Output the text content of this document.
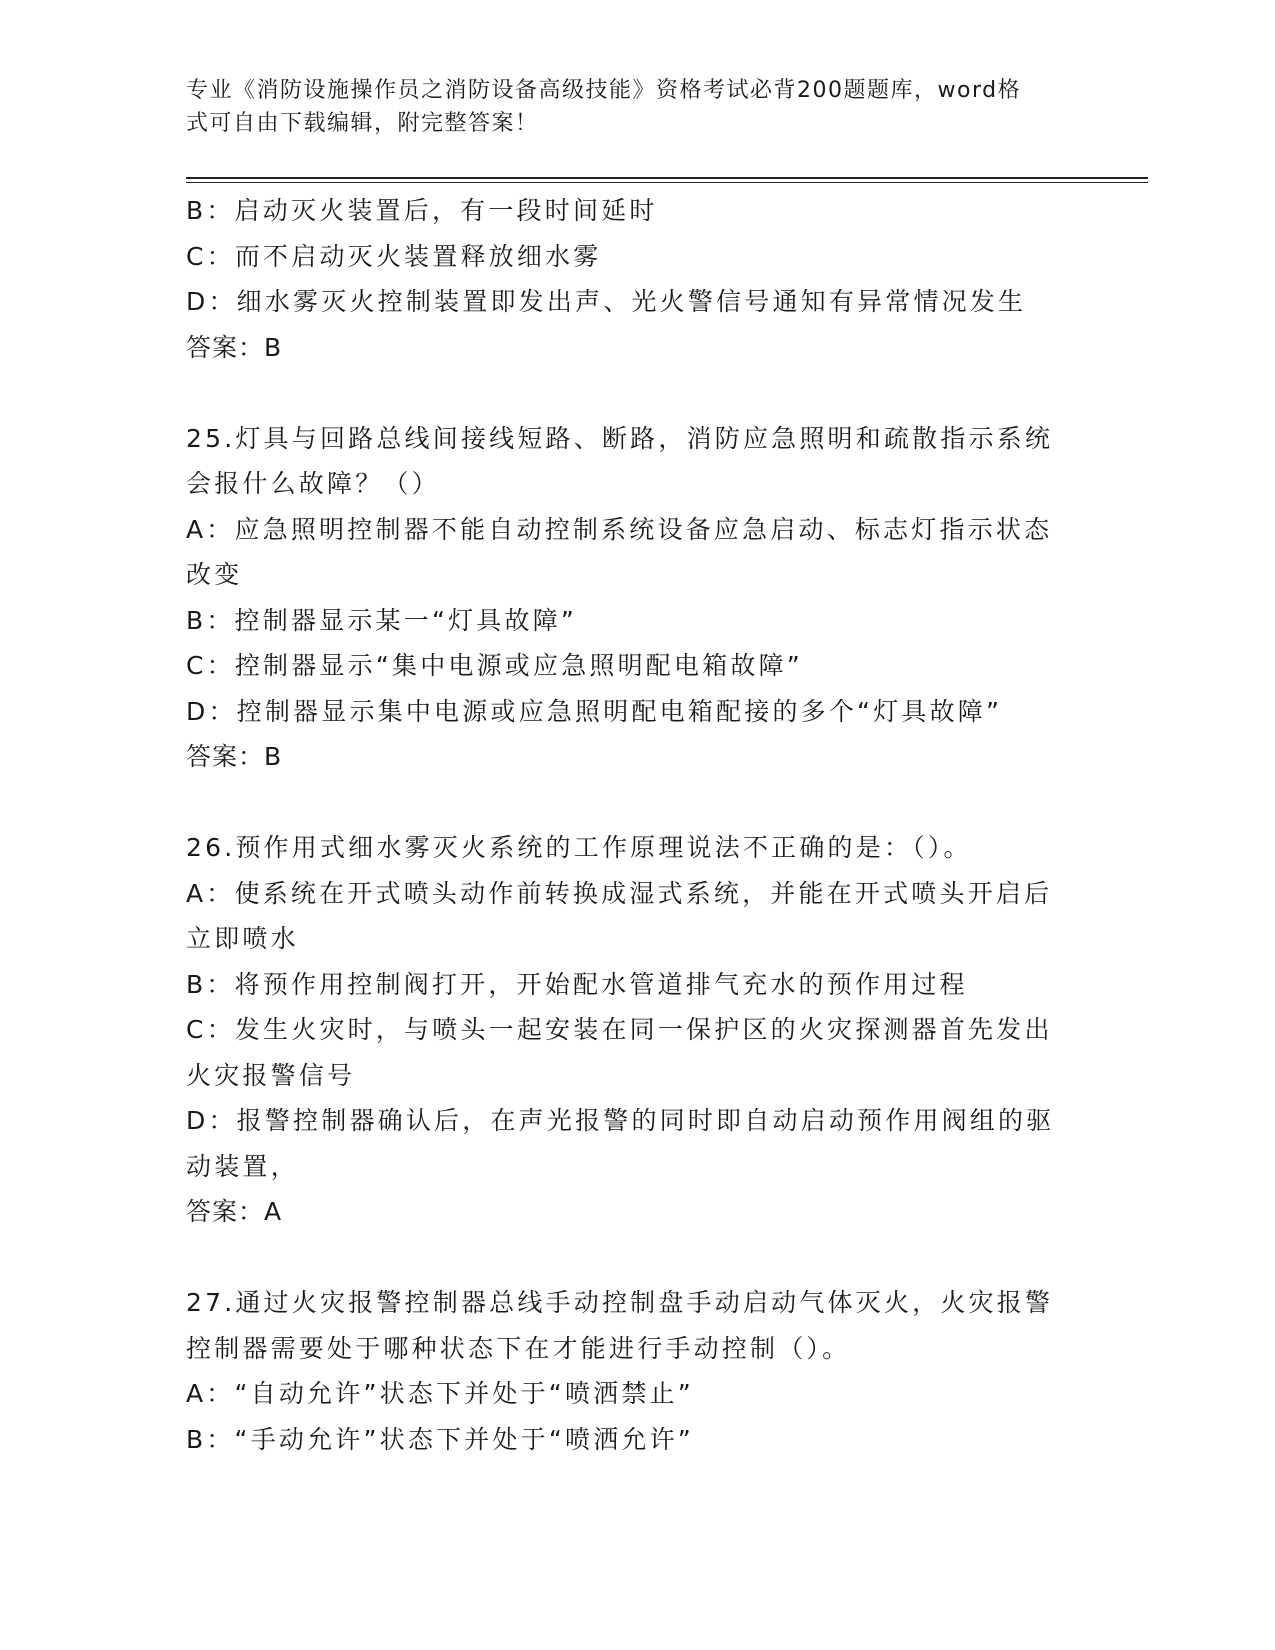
专业《消防设施操作员之消防设备高级技能》资格考试必背200题题库，word格
式可自由下载编辑，附完整答案！

B：启动灭火装置后，有一段时间延时

C：而不启动灭火装置释放细水雾

D：细水雾灭火控制装置即发出声、光火警信号通知有异常情况发生

答案：B

25.灯具与回路总线间接线短路、断路，消防应急照明和疏散指示系统

会报什么故障？（）

A：应急照明控制器不能自动控制系统设备应急启动、标志灯指示状态

改变

B：控制器显示某一“灯具故障”

C：控制器显示“集中电源或应急照明配电箱故障”

D：控制器显示集中电源或应急照明配电箱配接的多个“灯具故障”

答案：B

26.预作用式细水雾灭火系统的工作原理说法不正确的是：（）。

A：使系统在开式喷头动作前转换成湿式系统，并能在开式喷头开启后

立即喷水

B：将预作用控制阀打开，开始配水管道排气充水的预作用过程

C：发生火灾时，与喷头一起安装在同一保护区的火灾探测器首先发出

火灾报警信号

D：报警控制器确认后，在声光报警的同时即自动启动预作用阀组的驱

动装置，

答案：A

27.通过火灾报警控制器总线手动控制盘手动启动气体灭火，火灾报警

控制器需要处于哪种状态下在才能进行手动控制（）。

A：“自动允许”状态下并处于“喷洒禁止”

B：“手动允许”状态下并处于“喷洒允许”
